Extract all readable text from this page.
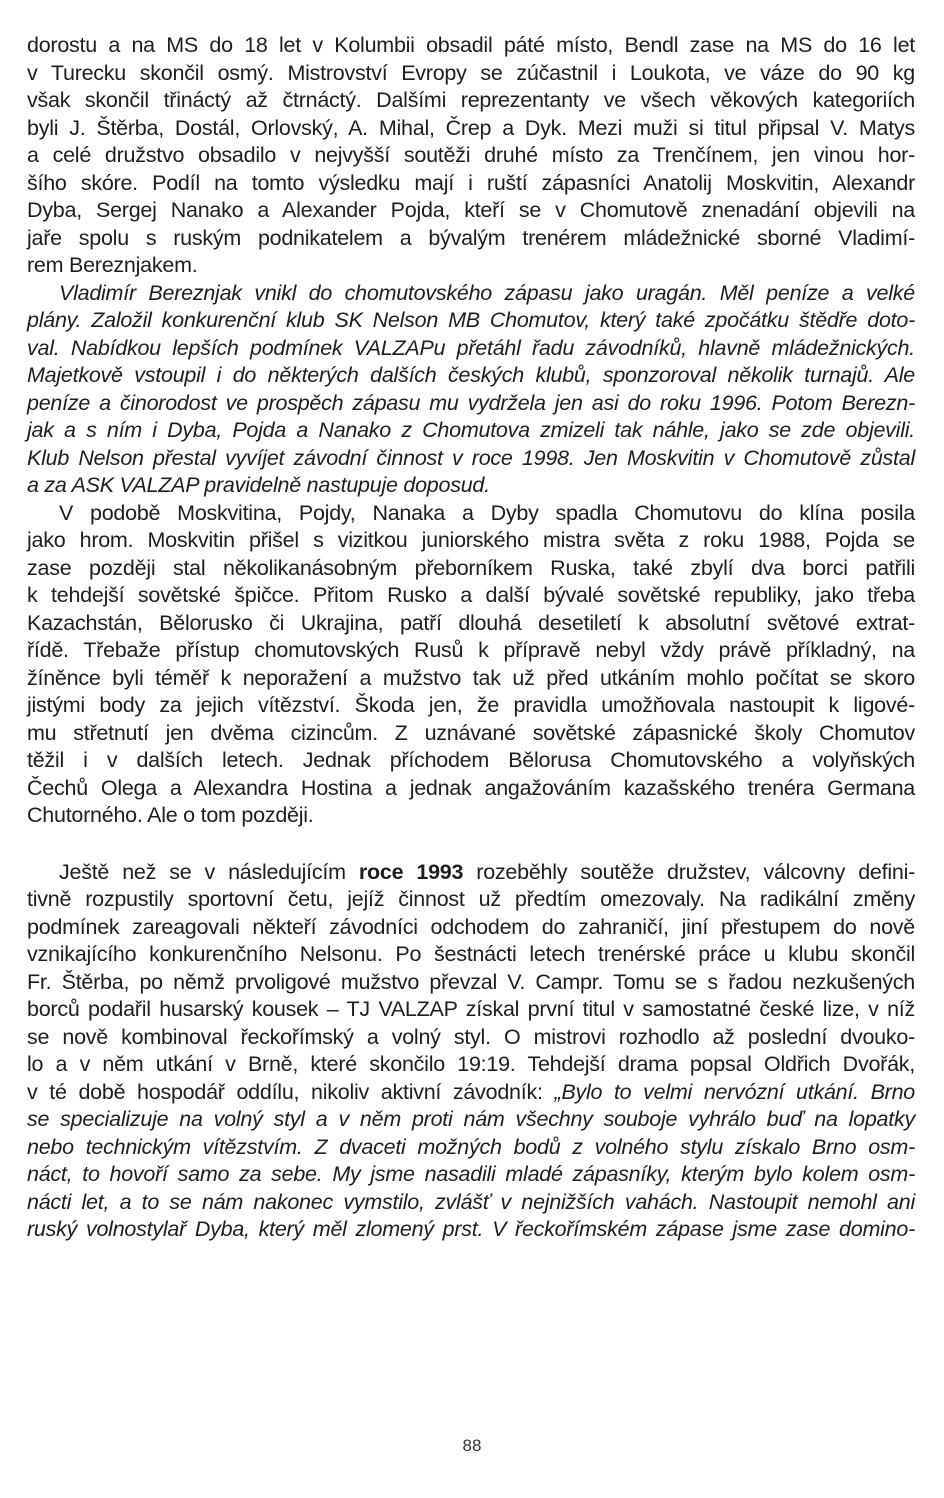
dorostu a na MS do 18 let v Kolumbii obsadil páté místo, Bendl zase na MS do 16 let
v Turecku skončil osmý. Mistrovství Evropy se zúčastnil i Loukota, ve váze do 90 kg
však skončil třináctý až čtrnáctý. Dalšími reprezentanty ve všech věkových kategoriích
byli J. Štěrba, Dostál, Orlovský, A. Mihal, Črep a Dyk. Mezi muži si titul připsal V. Matys
a celé družstvo obsadilo v nejvyšší soutěži druhé místo za Trenčínem, jen vinou hor-
šího skóre. Podíl na tomto výsledku mají i ruští zápasníci Anatolij Moskvitin, Alexandr
Dyba, Sergej Nanako a Alexander Pojda, kteří se v Chomutově znenadání objevili na
jaře spolu s ruským podnikatelem a bývalým trenérem mládežnické sborné Vladimí-
rem Bereznjakem.
Vladimír Bereznjak vnikl do chomutovského zápasu jako uragán. Měl peníze a velké
plány. Založil konkurenční klub SK Nelson MB Chomutov, který také zpočátku štědře doto-
val. Nabídkou lepších podmínek VALZAPu přetáhl řadu závodníků, hlavně mládežnických.
Majetkově vstoupil i do některých dalších českých klubů, sponzoroval několik turnajů. Ale
peníze a činorodost ve prospěch zápasu mu vydržela jen asi do roku 1996. Potom Berezn-
jak a s ním i Dyba, Pojda a Nanako z Chomutova zmizeli tak náhle, jako se zde objevili.
Klub Nelson přestal vyvíjet závodní činnost v roce 1998. Jen Moskvitin v Chomutově zůstal
a za ASK VALZAP pravidelně nastupuje doposud.
V podobě Moskvitina, Pojdy, Nanaka a Dyby spadla Chomutovu do klína posila
jako hrom. Moskvitin přišel s vizitkou juniorského mistra světa z roku 1988, Pojda se
zase později stal několikanásobným přeborníkem Ruska, také zbylí dva borci patřili
k tehdejší sovětské špičce. Přitom Rusko a další bývalé sovětské republiky, jako třeba
Kazachstán, Bělorusko či Ukrajina, patří dlouhá desetiletí k absolutní světové extrat-
řídě. Třebaže přístup chomutovských Rusů k přípravě nebyl vždy právě příkladný, na
žíněnce byli téměř k neporažení a mužstvo tak už před utkáním mohlo počítat se skoro
jistými body za jejich vítězství. Škoda jen, že pravidla umožňovala nastoupit k ligové-
mu střetnutí jen dvěma cizincům. Z uznávané sovětské zápasnické školy Chomutov
těžil i v dalších letech. Jednak příchodem Bělorusa Chomutovského a volyňských
Čechů Olega a Alexandra Hostina a jednak angažováním kazašského trenéra Germana
Chutorného. Ale o tom později.
Ještě než se v následujícím roce 1993 rozeběhly soutěže družstev, válcovny defini-
tivně rozpustily sportovní četu, jejíž činnost už předtím omezovaly. Na radikální změny
podmínek zareagovali někteří závodníci odchodem do zahraničí, jiní přestupem do nově
vznikajícího konkurenčního Nelsonu. Po šestnácti letech trenérské práce u klubu skončil
Fr. Štěrba, po němž prvoligové mužstvo převzal V. Campr. Tomu se s řadou nezkušených
borců podařil husarský kousek – TJ VALZAP získal první titul v samostatné české lize, v níž
se nově kombinoval řeckořímský a volný styl. O mistrovi rozhodlo až poslední dvouko-
lo a v něm utkání v Brně, které skončilo 19:19. Tehdejší drama popsal Oldřich Dvořák,
v té době hospodář oddílu, nikoliv aktivní závodník: „Bylo to velmi nervózní utkání. Brno
se specializuje na volný styl a v něm proti nám všechny souboje vyhrálo buď na lopatky
nebo technickým vítězstvím. Z dvaceti možných bodů z volného stylu získalo Brno osm-
náct, to hovoří samo za sebe. My jsme nasadili mladé zápasníky, kterým bylo kolem osm-
nácti let, a to se nám nakonec vymstilo, zvlášť v nejnižších vahách. Nastoupit nemohl ani
ruský volnostylař Dyba, který měl zlomený prst. V řeckořímském zápase jsme zase domino-
88
